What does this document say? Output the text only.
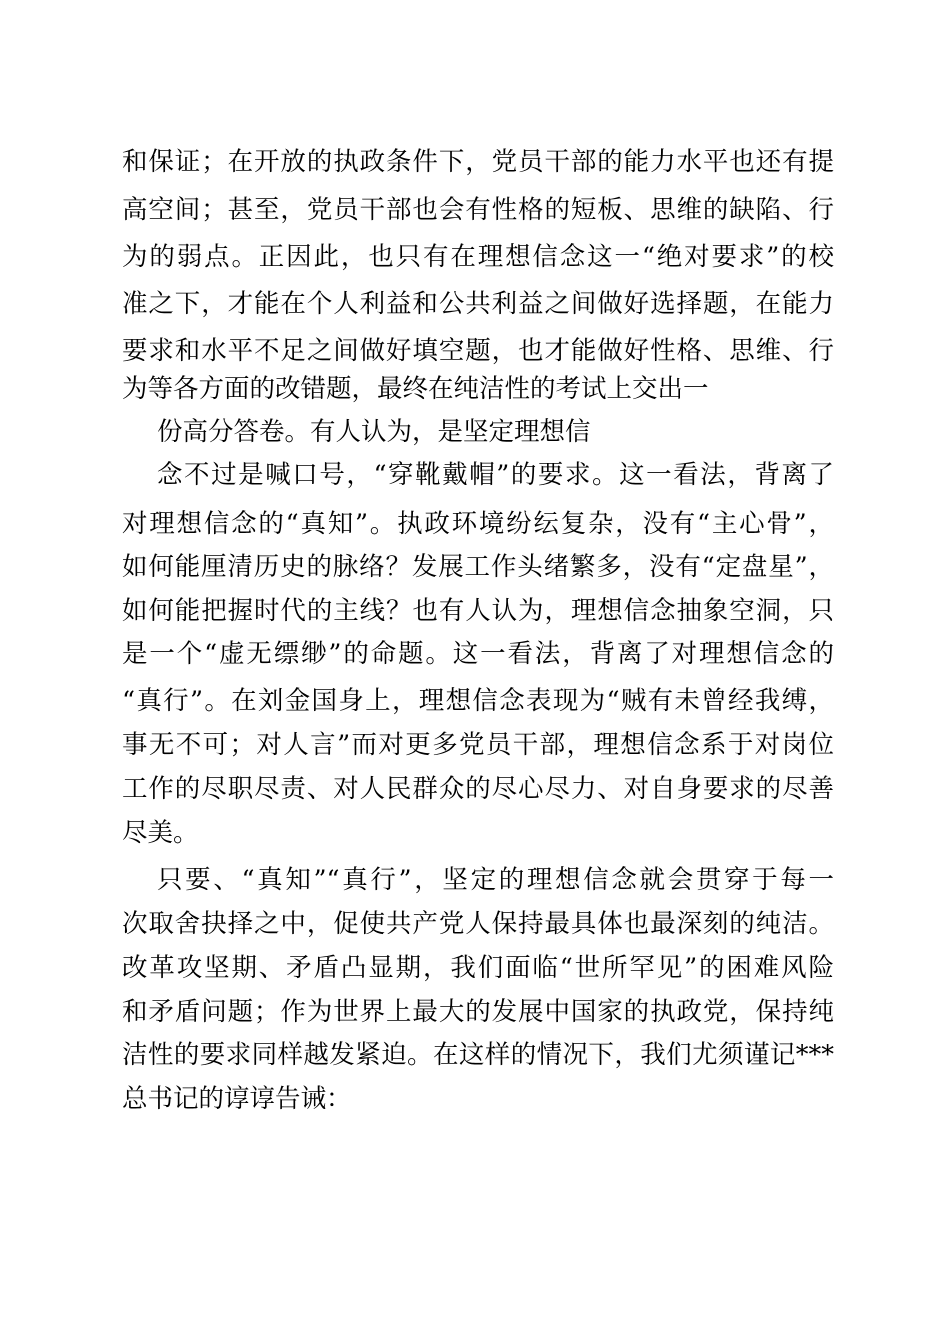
和保证；在开放的执政条件下，党员干部的能力水平也还有提
高空间；甚至，党员干部也会有性格的短板、思维的缺陷、行
为的弱点。正因此，也只有在理想信念这一“绝对要求”的校
准之下，才能在个人利益和公共利益之间做好选择题，在能力
要求和水平不足之间做好填空题，也才能做好性格、思维、行
为等各方面的改错题，最终在纯洁性的考试上交出一
份高分答卷。有人认为，是坚定理想信
念不过是喊口号，“穿靴戴帽”的要求。这一看法，背离了
对理想信念的“真知”。执政环境纷纭复杂，没有“主心骨”，
如何能厘清历史的脉络？发展工作头绪繁多，没有“定盘星”，
如何能把握时代的主线？也有人认为，理想信念抽象空洞，只
是一个“虚无缥缈”的命题。这一看法，背离了对理想信念的
“真行”。在刘金国身上，理想信念表现为“贼有未曾经我缚，
事无不可；对人言”而对更多党员干部，理想信念系于对岗位
工作的尽职尽责、对人民群众的尽心尽力、对自身要求的尽善
尽美。
只要、“真知”“真行”，坚定的理想信念就会贯穿于每一
次取舍抉择之中，促使共产党人保持最具体也最深刻的纯洁。
改革攻坚期、矛盾凸显期，我们面临“世所罕见”的困难风险
和矛盾问题；作为世界上最大的发展中国家的执政党，保持纯
洁性的要求同样越发紧迫。在这样的情况下，我们尤须谨记***
总书记的谆谆告诫：
